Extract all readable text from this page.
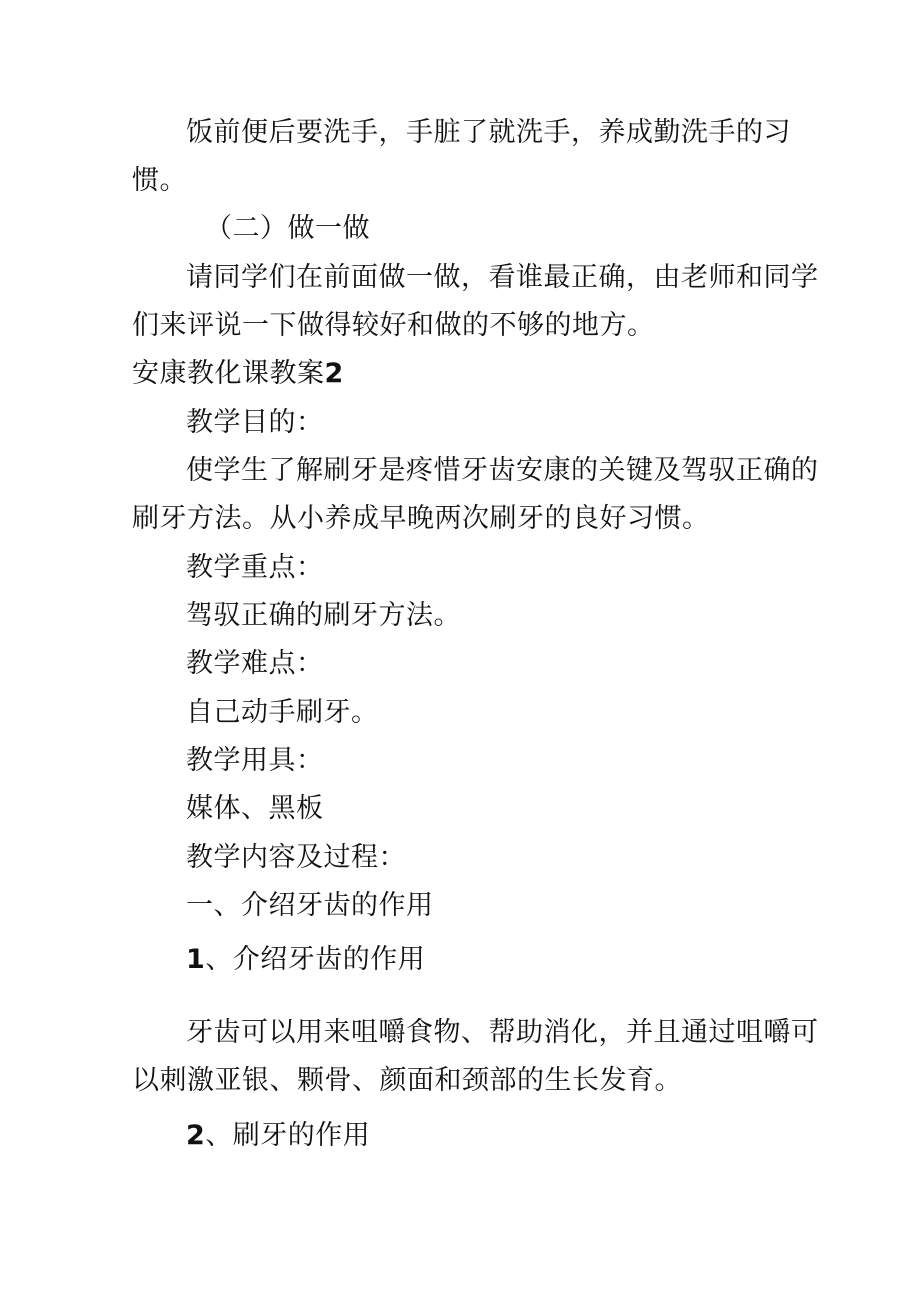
饭前便后要洗手，手脏了就洗手，养成勤洗手的习
惯。
（二）做一做
请同学们在前面做一做，看谁最正确，由老师和同学
们来评说一下做得较好和做的不够的地方。
安康教化课教案2
教学目的：
使学生了解刷牙是疼惜牙齿安康的关键及驾驭正确的
刷牙方法。从小养成早晚两次刷牙的良好习惯。
教学重点：
驾驭正确的刷牙方法。
教学难点：
自己动手刷牙。
教学用具：
媒体、黑板
教学内容及过程：
一、介绍牙齿的作用
1、介绍牙齿的作用
牙齿可以用来咀嚼食物、帮助消化，并且通过咀嚼可
以刺激亚银、颗骨、颜面和颈部的生长发育。
2、刷牙的作用
